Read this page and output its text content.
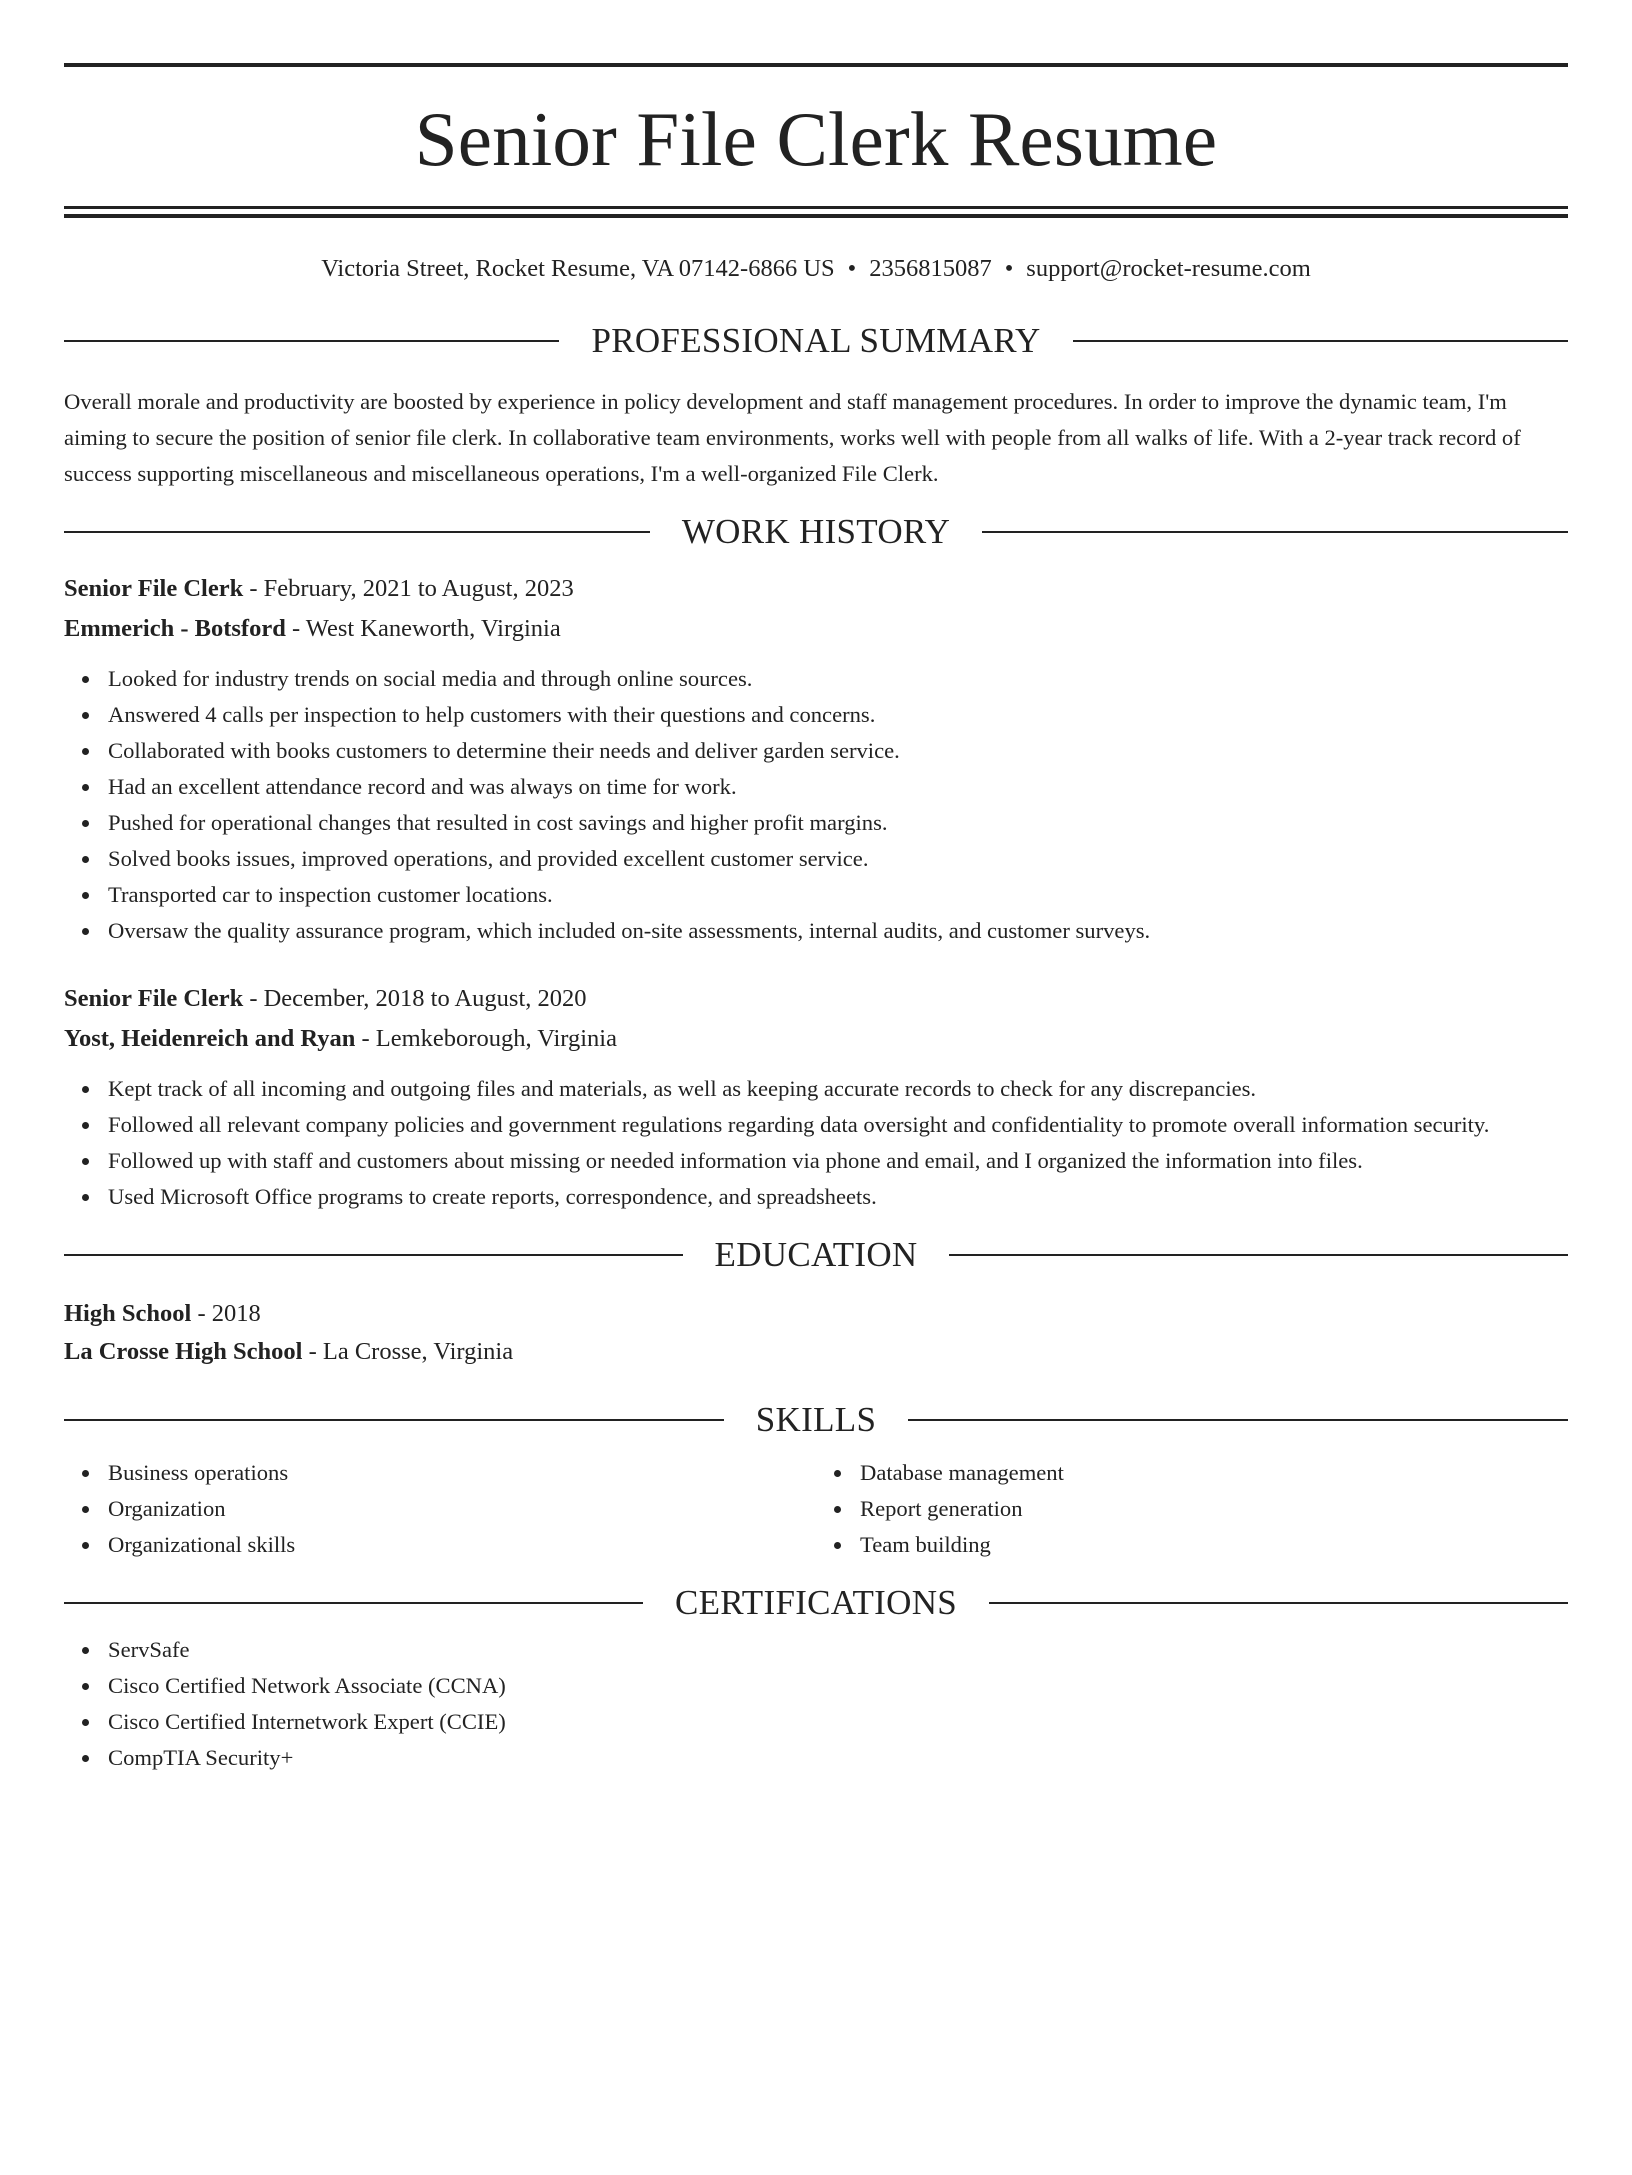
Senior File Clerk Resume
Victoria Street, Rocket Resume, VA 07142-6866 US • 2356815087 • support@rocket-resume.com
PROFESSIONAL SUMMARY

Overall morale and productivity are boosted by experience in policy development and staff management procedures. In order to improve the dynamic team, I'm aiming to secure the position of senior file clerk. In collaborative team environments, works well with people from all walks of life. With a 2-year track record of success supporting miscellaneous and miscellaneous operations, I'm a well-organized File Clerk.

WORK HISTORY
Senior File Clerk - February, 2021 to August, 2023
Emmerich - Botsford - West Kaneworth, Virginia
Looked for industry trends on social media and through online sources.
Answered 4 calls per inspection to help customers with their questions and concerns.
Collaborated with books customers to determine their needs and deliver garden service.
Had an excellent attendance record and was always on time for work.
Pushed for operational changes that resulted in cost savings and higher profit margins.
Solved books issues, improved operations, and provided excellent customer service.
Transported car to inspection customer locations.
Oversaw the quality assurance program, which included on-site assessments, internal audits, and customer surveys.
Senior File Clerk - December, 2018 to August, 2020
Yost, Heidenreich and Ryan - Lemkeborough, Virginia
Kept track of all incoming and outgoing files and materials, as well as keeping accurate records to check for any discrepancies.
Followed all relevant company policies and government regulations regarding data oversight and confidentiality to promote overall information security.
Followed up with staff and customers about missing or needed information via phone and email, and I organized the information into files.
Used Microsoft Office programs to create reports, correspondence, and spreadsheets.
EDUCATION
High School - 2018
La Crosse High School - La Crosse, Virginia
SKILLS
Business operations
Organization
Organizational skills
Database management
Report generation
Team building
CERTIFICATIONS
ServSafe
Cisco Certified Network Associate (CCNA)
Cisco Certified Internetwork Expert (CCIE)
CompTIA Security+
